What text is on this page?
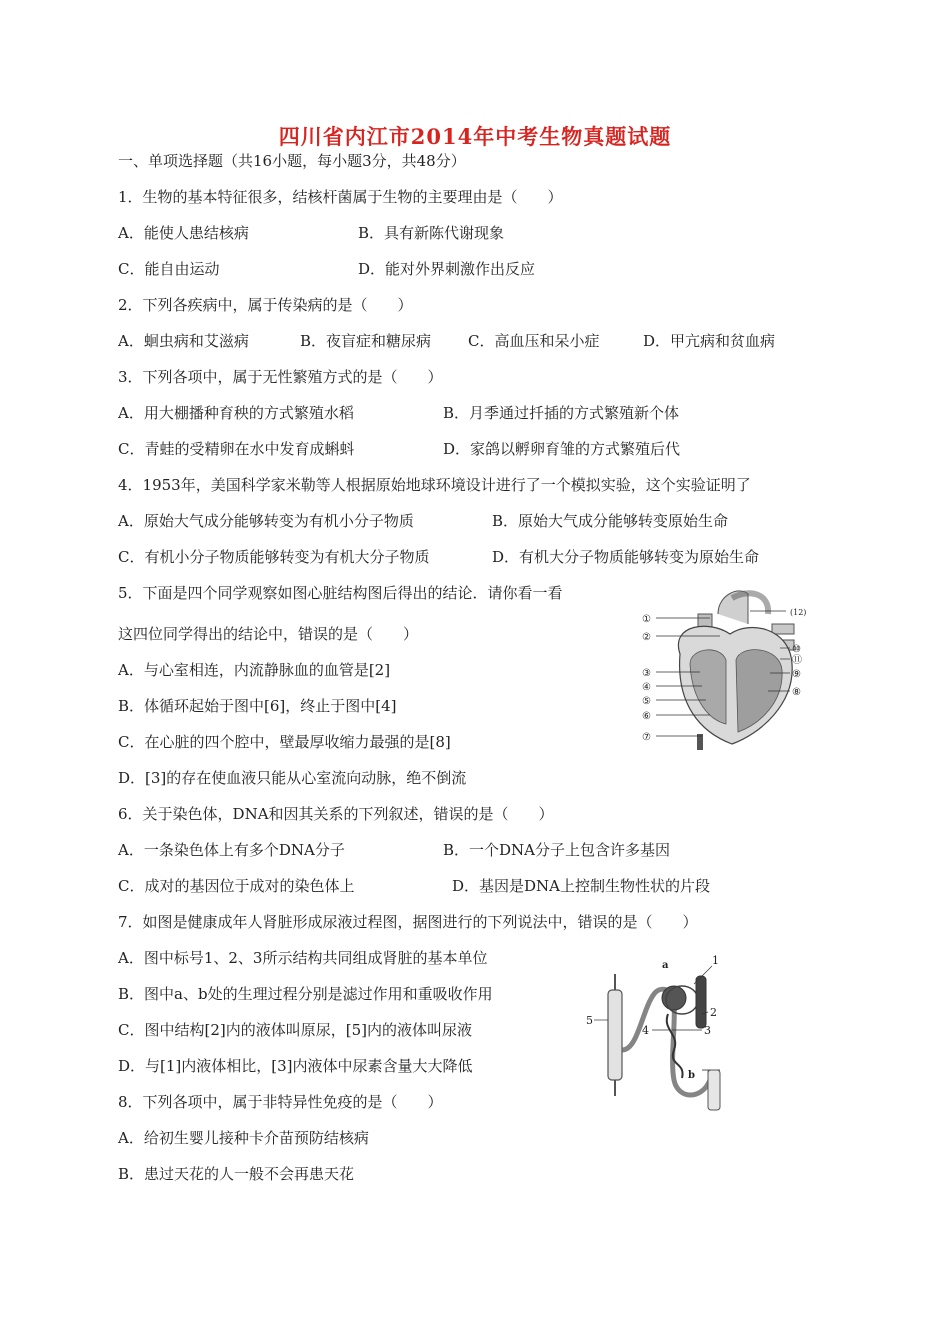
四川省内江市2014年中考生物真题试题
一、单项选择题（共16小题，每小题3分，共48分）
1．生物的基本特征很多，结核杆菌属于生物的主要理由是（　　）
A．能使人患结核病	B．具有新陈代谢现象
C．能自由运动	D．能对外界刺激作出反应
2．下列各疾病中，属于传染病的是（　　）
A．蛔虫病和艾滋病	B．夜盲症和糖尿病 C．高血压和呆小症	D．甲亢病和贫血病
3．下列各项中，属于无性繁殖方式的是（　　）
A．用大棚播种育秧的方式繁殖水稻	B．月季通过扦插的方式繁殖新个体
C．青蛙的受精卵在水中发育成蝌蚪	D．家鸽以孵卵育雏的方式繁殖后代
4．1953年，美国科学家米勒等人根据原始地球环境设计进行了一个模拟实验，这个实验证明了
A．原始大气成分能够转变为有机小分子物质	B．原始大气成分能够转变原始生命
C．有机小分子物质能够转变为有机大分子物质	D．有机大分子物质能够转变为原始生命
5．下面是四个同学观察如图心脏结构图后得出的结论．请你看一看
这四位同学得出的结论中，错误的是（　　）
A．与心室相连，内流静脉血的血管是[2]
B．体循环起始于图中[6]，终止于图中[4]
C．在心脏的四个腔中，壁最厚收缩力最强的是[8]
D．[3]的存在使血液只能从心室流向动脉，绝不倒流
①
②
③
④
⑤
⑥
⑦
(12)
⑩
⑪
⑨
⑧
6．关于染色体，DNA和因其关系的下列叙述，错误的是（　　）
A．一条染色体上有多个DNA分子	B．一个DNA分子上包含许多基因
C．成对的基因位于成对的染色体上	D．基因是DNA上控制生物性状的片段
7．如图是健康成年人肾脏形成尿液过程图，据图进行的下列说法中，错误的是（　　）
A．图中标号1、2、3所示结构共同组成肾脏的基本单位
B．图中a、b处的生理过程分别是滤过作用和重吸收作用
C．图中结构[2]内的液体叫原尿，[5]内的液体叫尿液
D．与[1]内液体相比，[3]内液体中尿素含量大大降低
a	1
2
3
4
5
b
8．下列各项中，属于非特异性免疫的是（　　）
A．给初生婴儿接种卡介苗预防结核病
B．患过天花的人一般不会再患天花
